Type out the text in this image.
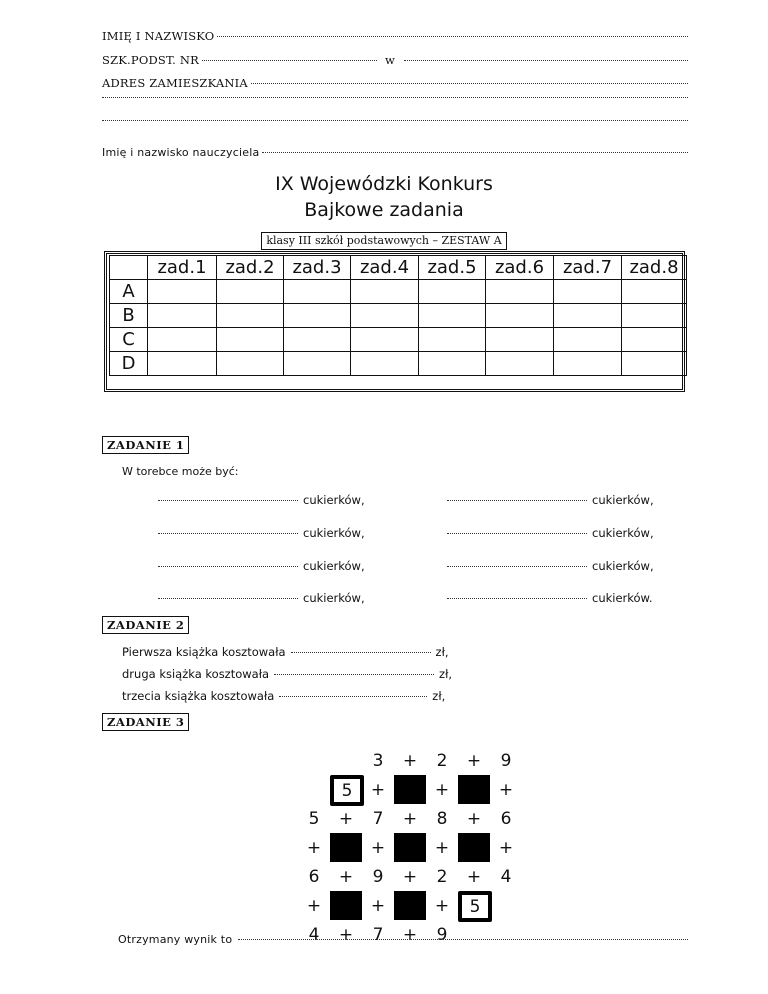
IMIĘ I NAZWISKO
SZK.PODST. NR	w
ADRES ZAMIESZKANIA
Imię i nazwisko nauczyciela
IX Wojewódzki Konkurs
Bajkowe zadania
klasy III szkół podstawowych – ZESTAW A
	zad.1	zad.2	zad.3	zad.4	zad.5	zad.6	zad.7	zad.8
A								
B								
C								
D								
ZADANIE 1
W torebce może być:
cukierków,	cukierków,
cukierków,	cukierków,
cukierków,	cukierków,
cukierków,	cukierków.
ZADANIE 2
Pierwsza książka kosztowała	zł,
druga książka kosztowała	zł,
trzecia książka kosztowała	zł,
ZADANIE 3
3	+	2	+	9
5	+	+	+
5	+	7	+	8	+	6
+	+	+	+
6	+	9	+	2	+	4
+	+	+	5
4	+	7	+	9
Otrzymany wynik to
